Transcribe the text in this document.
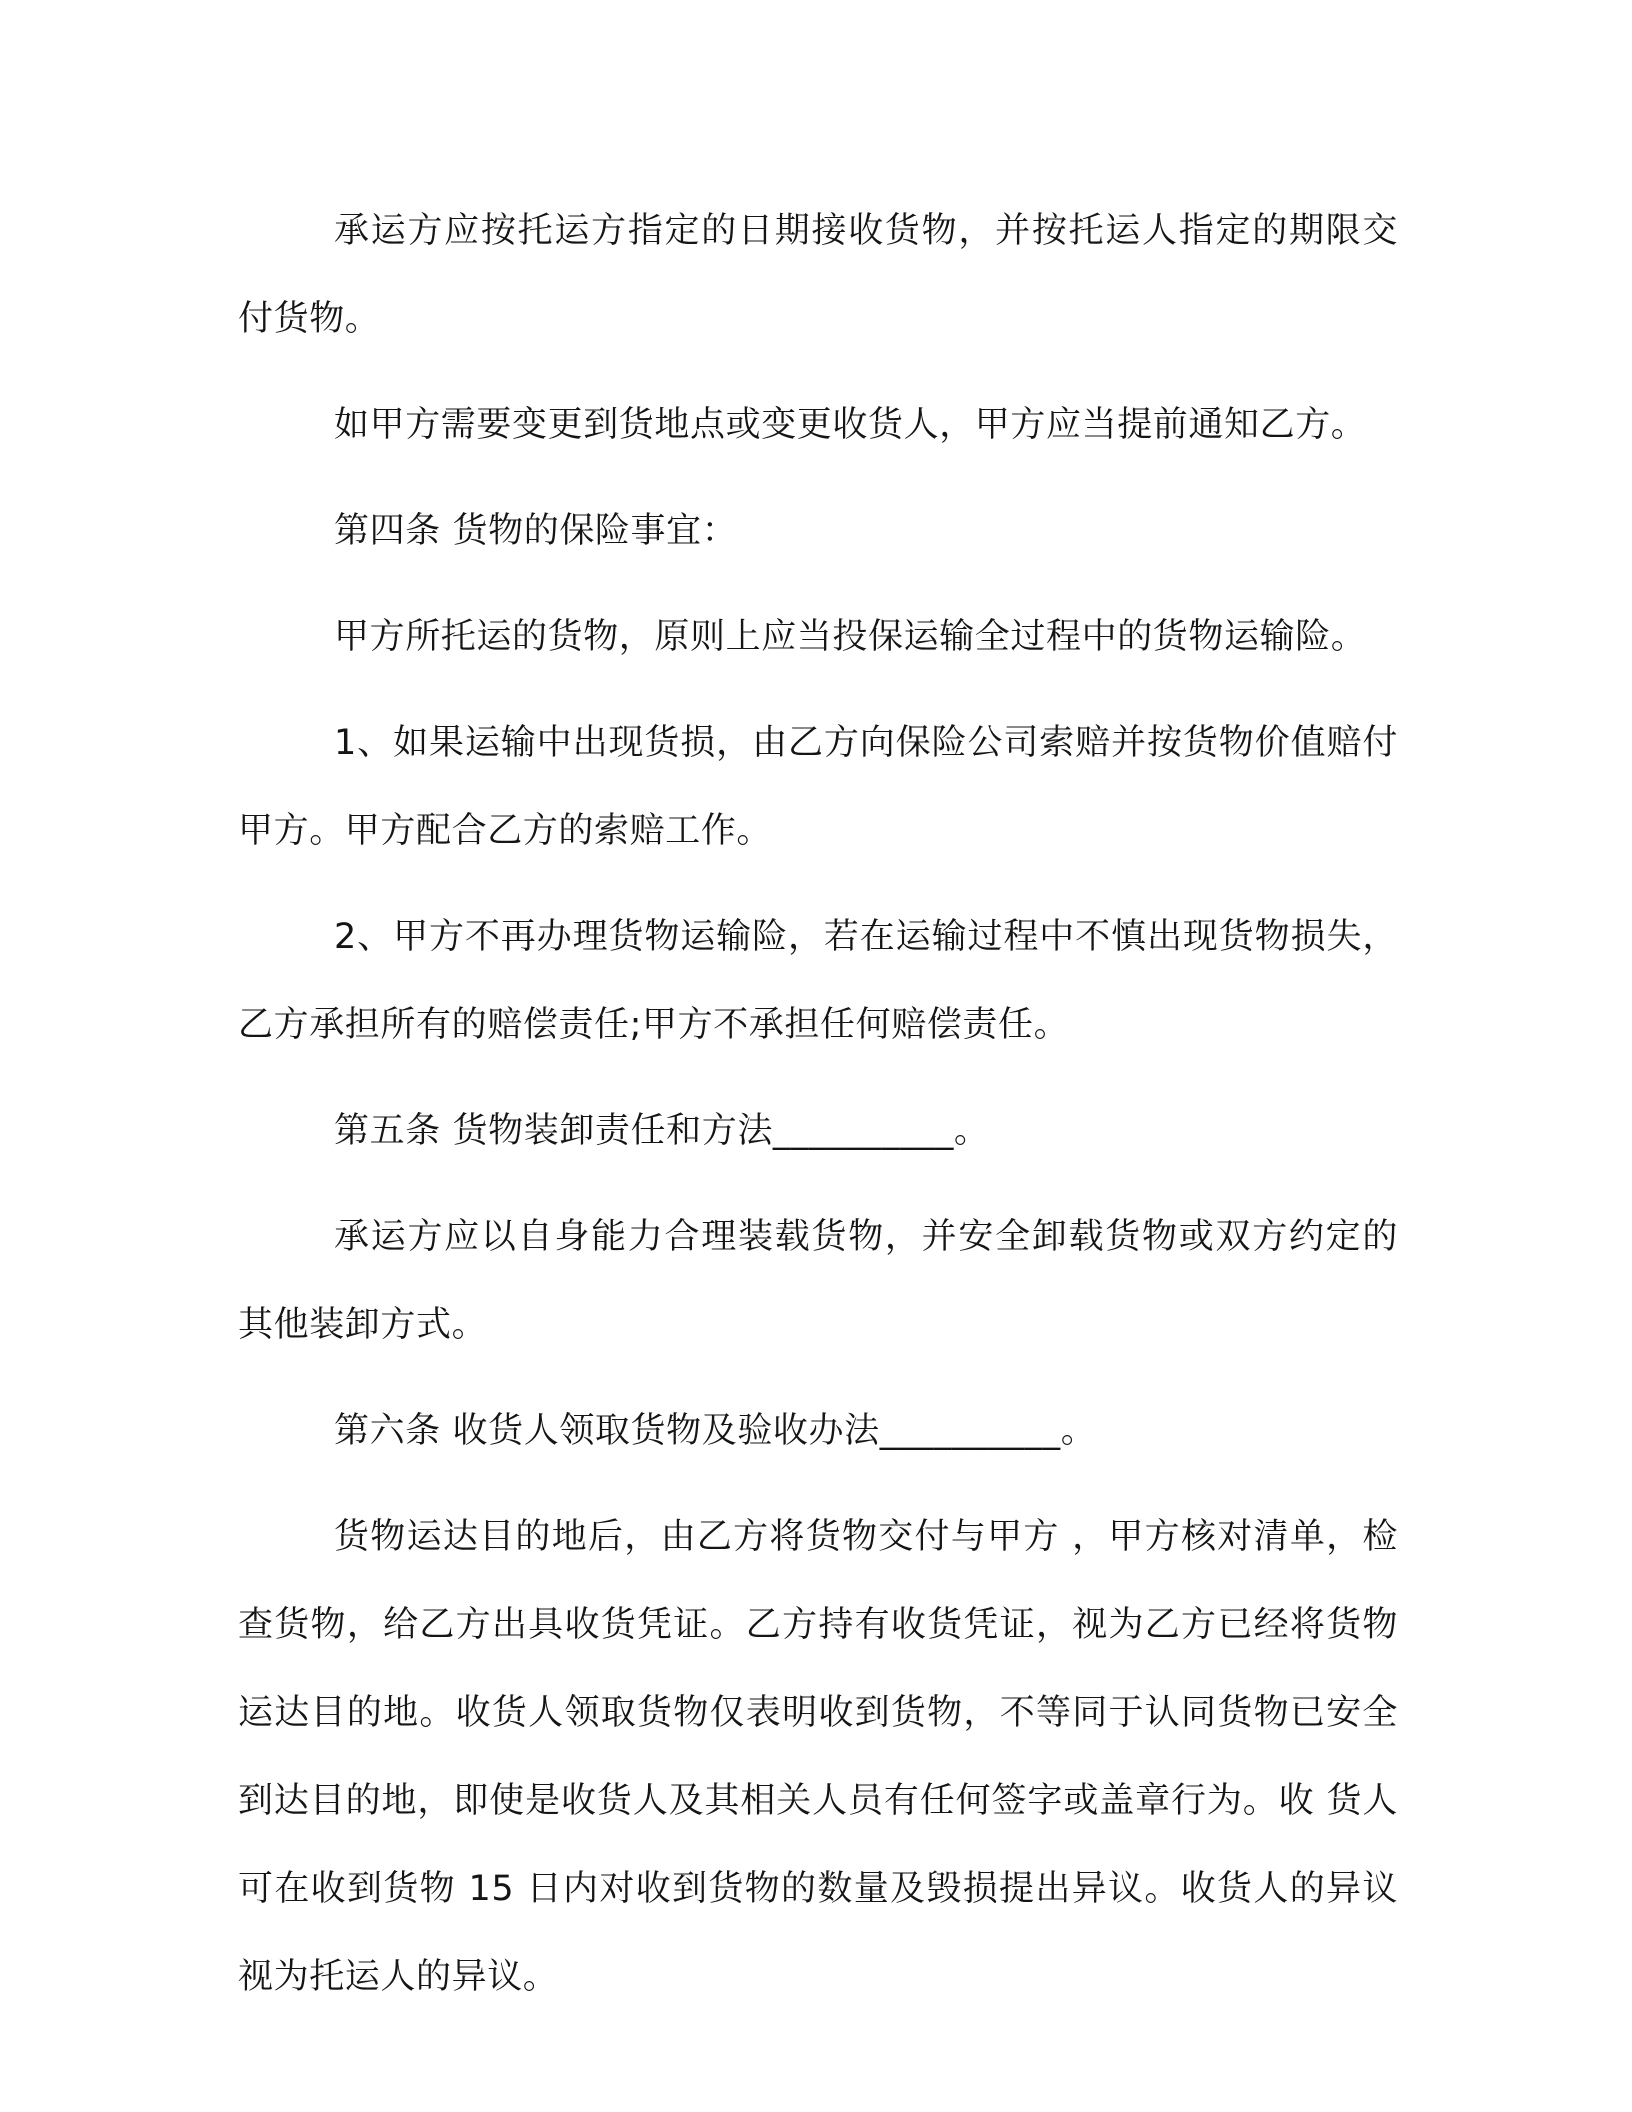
承运方应按托运方指定的日期接收货物，并按托运人指定的期限交付货物。

如甲方需要变更到货地点或变更收货人，甲方应当提前通知乙方。

第四条 货物的保险事宜：

甲方所托运的货物，原则上应当投保运输全过程中的货物运输险。

1、如果运输中出现货损，由乙方向保险公司索赔并按货物价值赔付甲方。甲方配合乙方的索赔工作。

2、甲方不再办理货物运输险，若在运输过程中不慎出现货物损失，乙方承担所有的赔偿责任;甲方不承担任何赔偿责任。

第五条 货物装卸责任和方法__________。

承运方应以自身能力合理装载货物，并安全卸载货物或双方约定的其他装卸方式。

第六条 收货人领取货物及验收办法__________。

货物运达目的地后，由乙方将货物交付与甲方 ，甲方核对清单，检查货物，给乙方出具收货凭证。乙方持有收货凭证，视为乙方已经将货物运达目的地。收货人领取货物仅表明收到货物，不等同于认同货物已安全到达目的地，即使是收货人及其相关人员有任何签字或盖章行为。收 货人可在收到货物 15 日内对收到货物的数量及毁损提出异议。收货人的异议视为托运人的异议。
